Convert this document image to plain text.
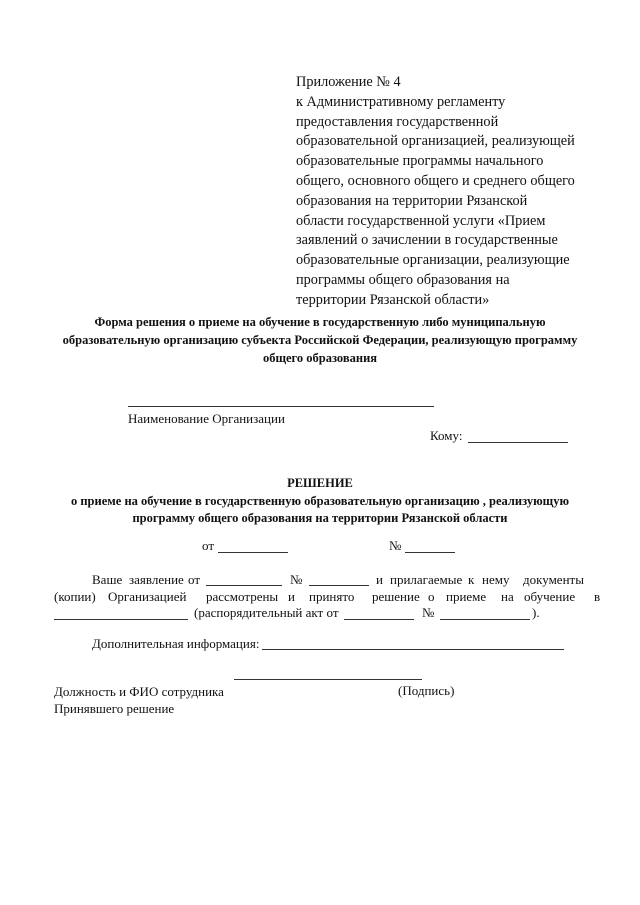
Приложение № 4
к Административному регламенту
предоставления государственной
образовательной организацией, реализующей
образовательные программы начального
общего, основного общего и среднего общего
образования на территории Рязанской
области государственной услуги «Прием
заявлений о зачислении в государственные
образовательные организации, реализующие
программы общего образования на
территории Рязанской области»
Форма решения о приеме на обучение в государственную либо муниципальную
образовательную организацию субъекта Российской Федерации, реализующую программу
общего образования
Наименование Организации
Кому:
РЕШЕНИЕ
о приеме на обучение в государственную образовательную организацию , реализующую
программу общего образования на территории Рязанской области
от	№
Ваше заявление от	№	и прилагаемые к нему документы
(копии) Организацией рассмотрены и принято решение о приеме на обучение в
(распорядительный акт от	№	).
Дополнительная информация:
Должность и ФИО сотрудника
Принявшего решение
(Подпись)
